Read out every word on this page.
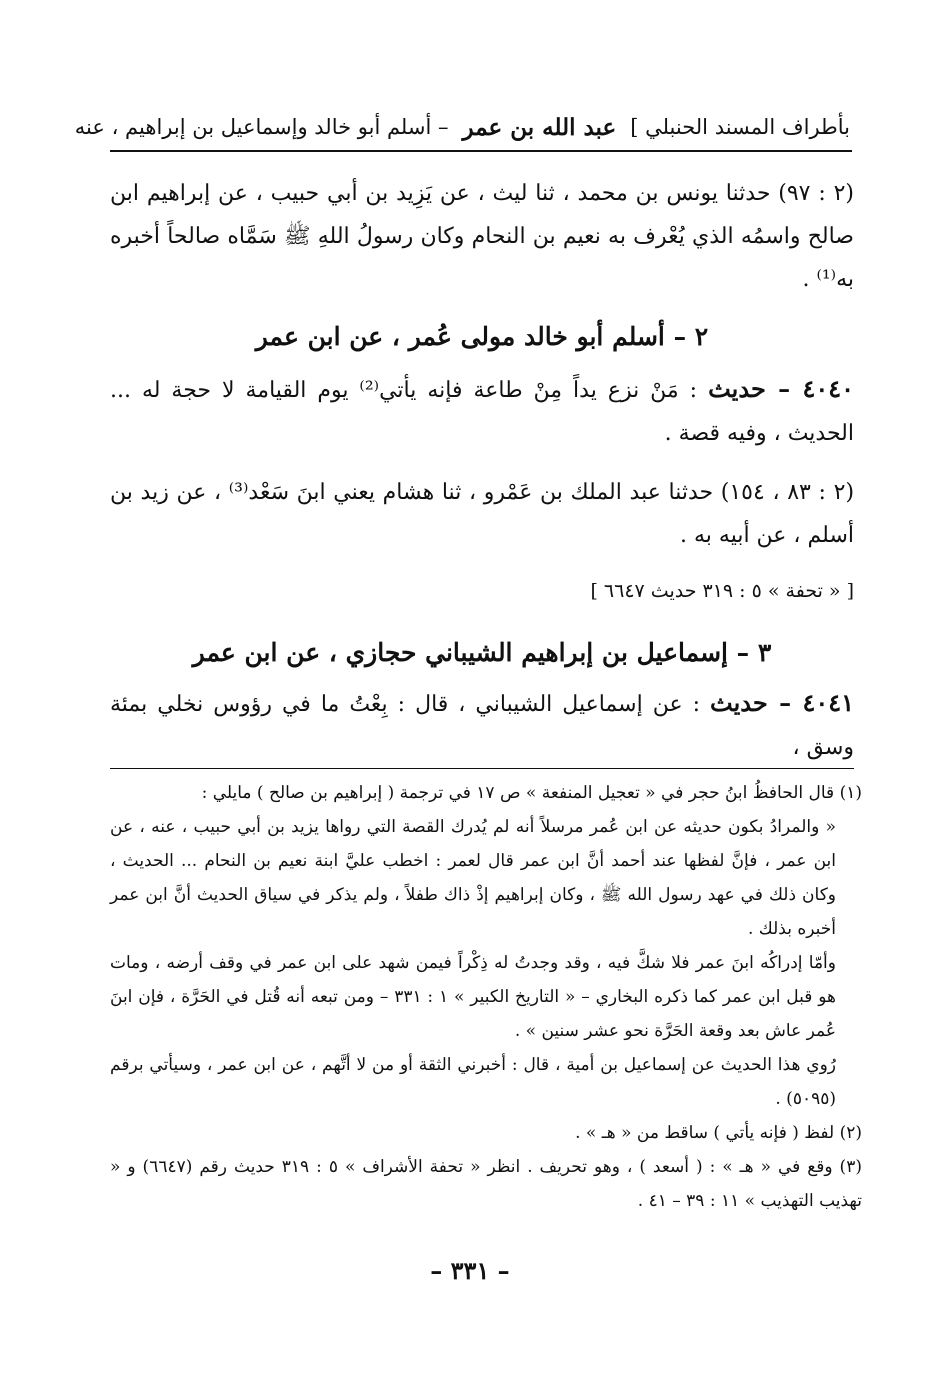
بأطراف المسند الحنبلي ]
عبد الله بن عمر
– أسلم أبو خالد وإسماعيل بن إبراهيم ، عنه

(٢ : ٩٧) حدثنا يونس بن محمد ، ثنا ليث ، عن يَزِيد بن أبي حبيب ، عن إبراهيم ابن صالح واسمُه الذي يُعْرف به نعيم بن النحام وكان رسولُ اللهِ ﷺ سَمَّاه صالحاً أخبره به⁽¹⁾ .

٢ – أسلم أبو خالد مولى عُمر ، عن ابن عمر

٤٠٤٠ – حديث : مَنْ نزع يداً مِنْ طاعة فإنه يأتي⁽²⁾ يوم القيامة لا حجة له ... الحديث ، وفيه قصة .

(٢ : ٨٣ ، ١٥٤) حدثنا عبد الملك بن عَمْرو ، ثنا هشام يعني ابنَ سَعْد⁽³⁾ ، عن زيد بن أسلم ، عن أبيه به .

[ « تحفة » ٥ : ٣١٩ حديث ٦٦٤٧ ]

٣ – إسماعيل بن إبراهيم الشيباني حجازي ، عن ابن عمر

٤٠٤١ – حديث : عن إسماعيل الشيباني ، قال : بِعْتُ ما في رؤوس نخلي بمئة وسق ،

(١) قال الحافظُ ابنُ حجر في « تعجيل المنفعة » ص ١٧ في ترجمة ( إبراهيم بن صالح ) مايلي :

« والمرادُ بكون حديثه عن ابن عُمر مرسلاً أنه لم يُدرك القصة التي رواها يزيد بن أبي حبيب ، عنه ، عن ابن عمر ، فإنَّ لفظها عند أحمد أنَّ ابن عمر قال لعمر : اخطب عليَّ ابنة نعيم بن النحام ... الحديث ، وكان ذلك في عهد رسول الله ﷺ ، وكان إبراهيم إذْ ذاك طفلاً ، ولم يذكر في سياق الحديث أنَّ ابن عمر أخبره بذلك .

وأمّا إدراكُه ابنَ عمر فلا شكَّ فيه ، وقد وجدتُ له ذِكْراً فيمن شهد على ابن عمر في وقف أرضه ، ومات هو قبل ابن عمر كما ذكره البخاري – « التاريخ الكبير » ١ : ٣٣١ – ومن تبعه أنه قُتل في الحَرَّة ، فإن ابنَ عُمر عاش بعد وقعة الحَرَّة نحو عشر سنين » .

رُوي هذا الحديث عن إسماعيل بن أمية ، قال : أخبرني الثقة أو من لا أتَّهم ، عن ابن عمر ، وسيأتي برقم (٥٠٩٥) .

(٢) لفظ ( فإنه يأتي ) ساقط من « هـ » .

(٣) وقع في « هـ » : ( أسعد ) ، وهو تحريف . انظر « تحفة الأشراف » ٥ : ٣١٩ حديث رقم (٦٦٤٧) و « تهذيب التهذيب » ١١ : ٣٩ – ٤١ .

– ٣٣١ –
